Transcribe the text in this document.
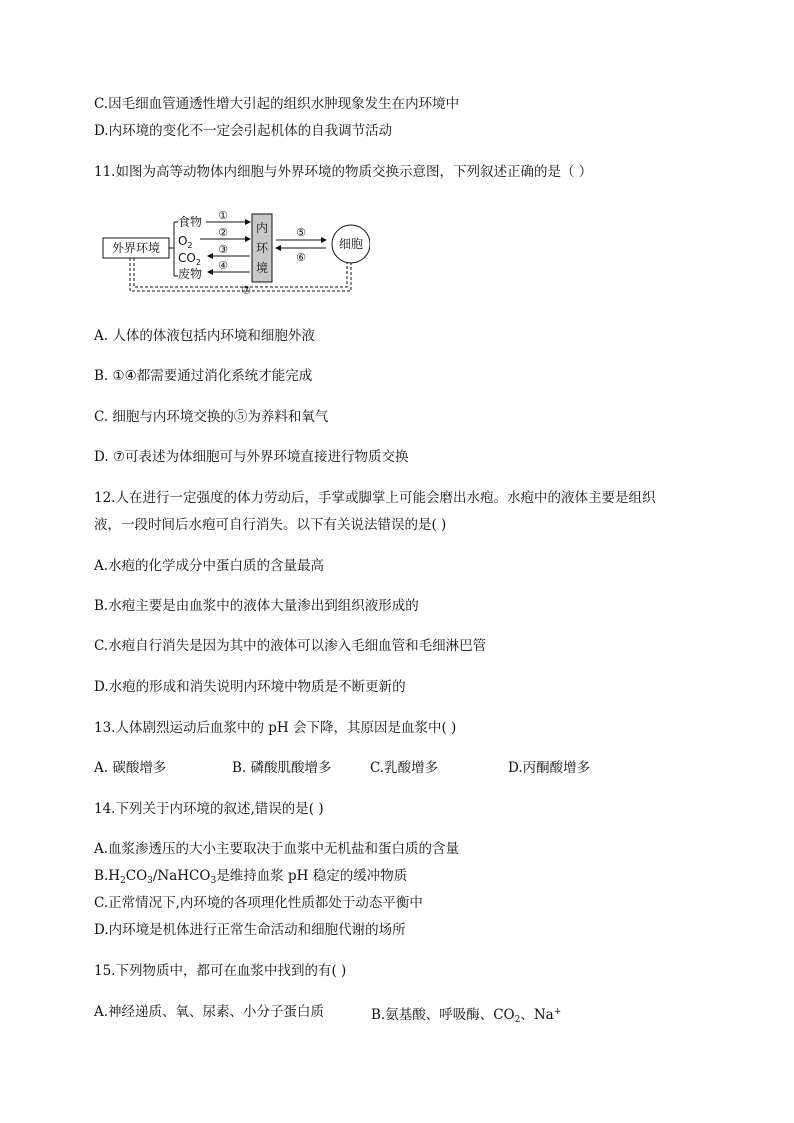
C.因毛细血管通透性增大引起的组织水肿现象发生在内环境中
D.内环境的变化不一定会引起机体的自我调节活动
11.如图为高等动物体内细胞与外界环境的物质交换示意图，下列叙述正确的是（ ）
外界环境
食物
$O_2$
$CO_2$
废物
①
②
③
④
内
环
境
⑤
⑥
细胞
⑦
A. 人体的体液包括内环境和细胞外液
B. ①④都需要通过消化系统才能完成
C. 细胞与内环境交换的⑤为养料和氧气
D. ⑦可表述为体细胞可与外界环境直接进行物质交换
12.人在进行一定强度的体力劳动后，手掌或脚掌上可能会磨出水疱。水疱中的液体主要是组织
液，一段时间后水疱可自行消失。以下有关说法错误的是( )
A.水疱的化学成分中蛋白质的含量最高
B.水疱主要是由血浆中的液体大量渗出到组织液形成的
C.水疱自行消失是因为其中的液体可以渗入毛细血管和毛细淋巴管
D.水疱的形成和消失说明内环境中物质是不断更新的
13.人体剧烈运动后血浆中的 pH 会下降，其原因是血浆中( )
A. 碳酸增多	B. 磷酸肌酸增多	C.乳酸增多	D.丙酮酸增多
14.下列关于内环境的叙述,错误的是( )
A.血浆渗透压的大小主要取决于血浆中无机盐和蛋白质的含量
$B.H_2CO_3/NaHCO_3$是维持血浆 pH 稳定的缓冲物质
C.正常情况下,内环境的各项理化性质都处于动态平衡中
D.内环境是机体进行正常生命活动和细胞代谢的场所
15.下列物质中，都可在血浆中找到的有( )
A.神经递质、氧、尿素、小分子蛋白质	B.氨基酸、呼吸酶、$CO_2$、Na+
